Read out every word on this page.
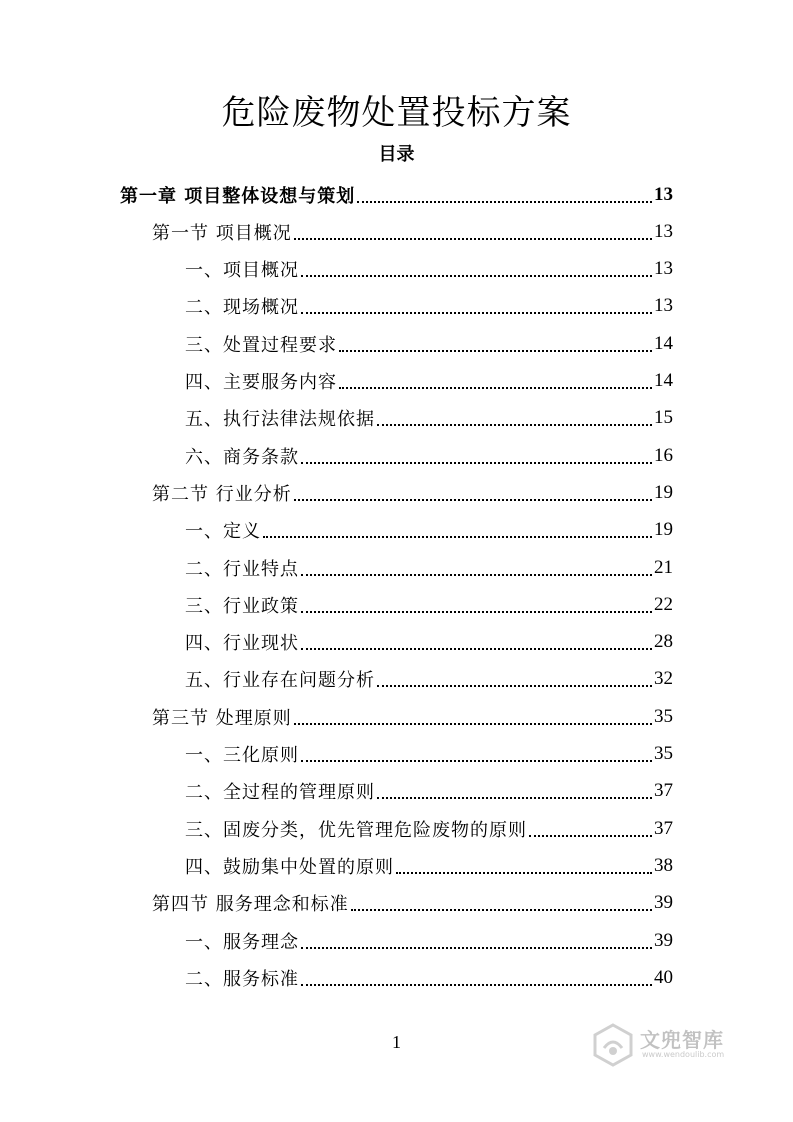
危险废物处置投标方案
目录
第一章 项目整体设想与策划	13
第一节 项目概况	13
一、项目概况	13
二、现场概况	13
三、处置过程要求	14
四、主要服务内容	14
五、执行法律法规依据	15
六、商务条款	16
第二节 行业分析	19
一、定义	19
二、行业特点	21
三、行业政策	22
四、行业现状	28
五、行业存在问题分析	32
第三节 处理原则	35
一、三化原则	35
二、全过程的管理原则	37
三、固废分类，优先管理危险废物的原则	37
四、鼓励集中处置的原则	38
第四节 服务理念和标准	39
一、服务理念	39
二、服务标准	40
1	文兜智库
www.wendoulib.com
